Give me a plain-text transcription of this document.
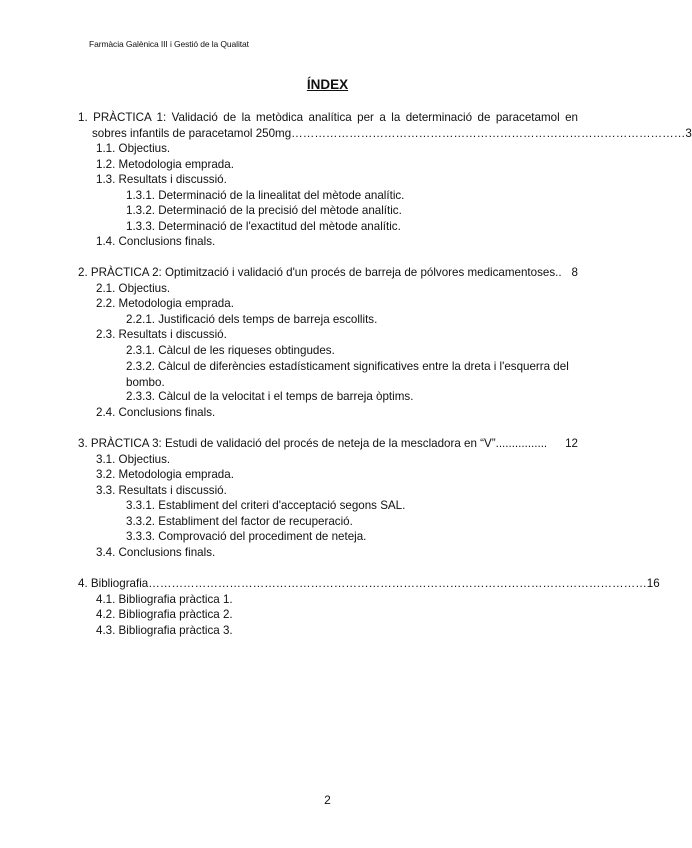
Farmàcia Galènica III i Gestió de la Qualitat
ÍNDEX
1. PRÀCTICA 1: Validació de la metòdica analítica per a la determinació de paracetamol en
sobres infantils de paracetamol 250mg ………………………………………………………………………………………… 3
1.1. Objectius.
1.2. Metodologia emprada.
1.3. Resultats i discussió.
1.3.1. Determinació de la linealitat del mètode analític.
1.3.2. Determinació de la precisió del mètode analític.
1.3.3. Determinació de l'exactitud del mètode analític.
1.4. Conclusions finals.
2. PRÀCTICA 2: Optimització i validació d'un procés de barreja de pólvores medicamentoses .. 8
2.1. Objectius.
2.2. Metodologia emprada.
2.2.1. Justificació dels temps de barreja escollits.
2.3. Resultats i discussió.
2.3.1. Càlcul de les riqueses obtingudes.
2.3.2. Càlcul de diferències estadísticament significatives entre la dreta i l'esquerra del bombo.
2.3.3. Càlcul de la velocitat i el temps de barreja òptims.
2.4. Conclusions finals.
3. PRÀCTICA 3: Estudi de validació del procés de neteja de la mescladora en “V” ................	12
3.1. Objectius.
3.2. Metodologia emprada.
3.3. Resultats i discussió.
3.3.1. Establiment del criteri d'acceptació segons SAL.
3.3.2. Establiment del factor de recuperació.
3.3.3. Comprovació del procediment de neteja.
3.4. Conclusions finals.
4. Bibliografia ………………………………………………………………………………………………………………… 16
4.1. Bibliografia pràctica 1.
4.2. Bibliografia pràctica 2.
4.3. Bibliografia pràctica 3.
2
